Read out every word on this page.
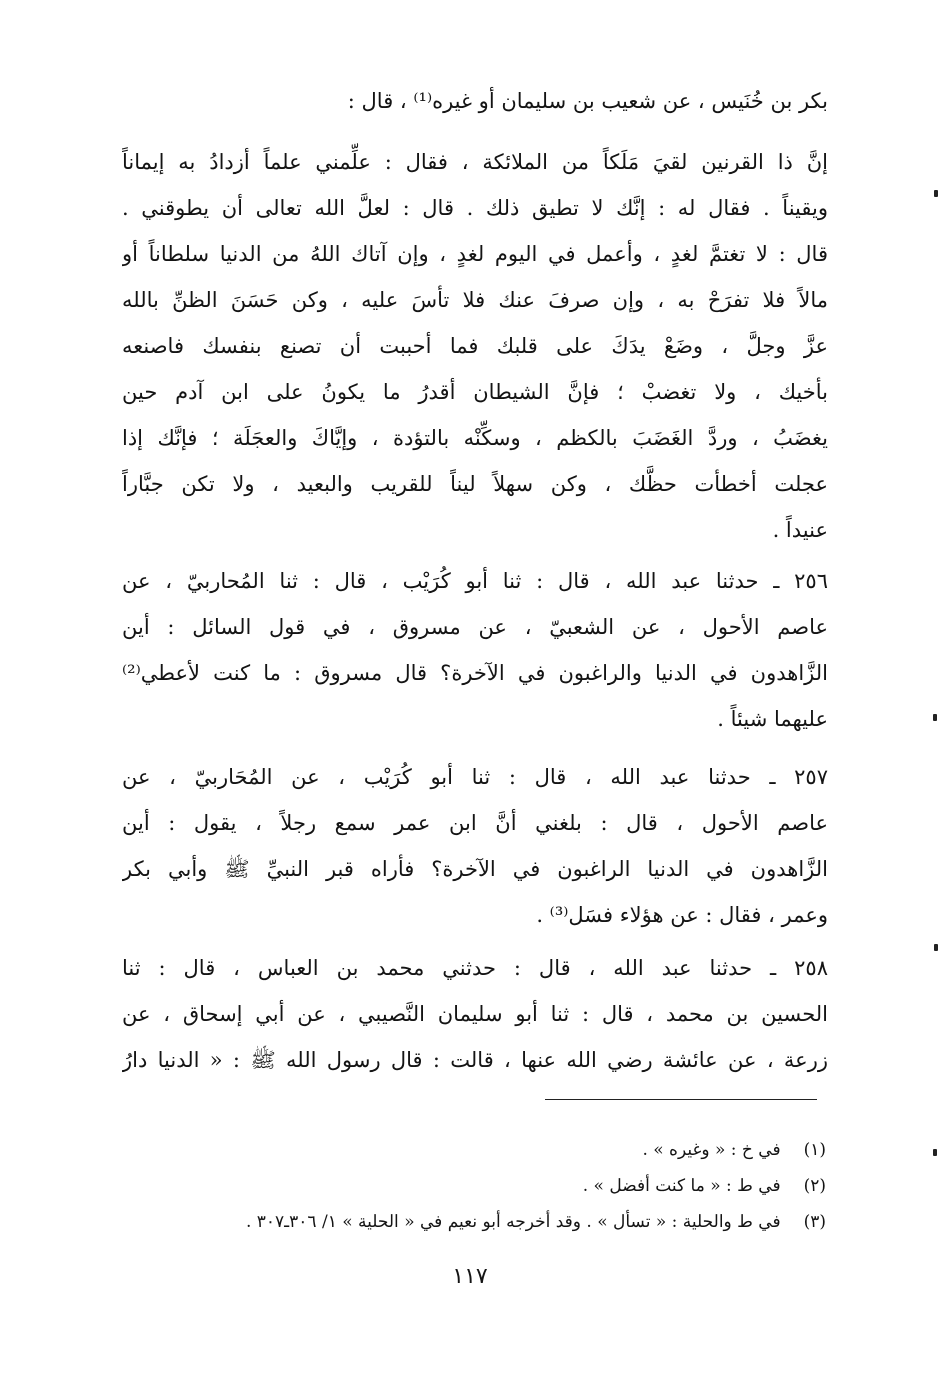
بكر بن خُنَيس ، عن شعيب بن سليمان أو غيره⁽¹⁾ ، قال :
إنَّ ذا القرنين لقيَ مَلَكاً من الملائكة ، فقال : علِّمني علماً أزدادُ به إيماناً
ويقيناً . فقال له : إنَّك لا تطيق ذلك . قال : لعلَّ الله تعالى أن يطوقني .
قال : لا تغتمَّ لغدٍ ، وأعمل في اليوم لغدٍ ، وإن آتاك اللهُ من الدنيا سلطاناً أو
مالاً فلا تفرَحْ به ، وإن صرفَ عنك فلا تأسَ عليه ، وكن حَسَنَ الظنِّ بالله
عزَّ وجلَّ ، وضَعْ يدَكَ على قلبك فما أحببت أن تصنع بنفسك فاصنعه
بأخيك ، ولا تغضبْ ؛ فإنَّ الشيطان أقدرُ ما يكونُ على ابن آدم حين
يغضَبُ ، وردَّ الغَضَبَ بالكظم ، وسكِّنْه بالتؤدة ، وإيَّاكَ والعجَلَة ؛ فإنَّك إذا
عجلت أخطأت حظَّك ، وكن سهلاً ليناً للقريب والبعيد ، ولا تكن جبَّاراً
عنيداً .
٢٥٦ ـ حدثنا عبد الله ، قال : ثنا أبو كُرَيْب ، قال : ثنا المُحاربيّ ، عن
عاصم الأحول ، عن الشعبيّ ، عن مسروق ، في قول السائل : أين
الزَّاهدون في الدنيا والراغبون في الآخرة؟ قال مسروق : ما كنت لأعطي⁽²⁾
عليهما شيئاً .
٢٥٧ ـ حدثنا عبد الله ، قال : ثنا أبو كُرَيْب ، عن المُحَاربيّ ، عن
عاصم الأحول ، قال : بلغني أنَّ ابن عمر سمع رجلاً ، يقول : أين
الزَّاهدون في الدنيا الراغبون في الآخرة؟ فأراه قبر النبيِّ ﷺ وأبي بكر
وعمر ، فقال : عن هؤلاء فسَل⁽³⁾ .
٢٥٨ ـ حدثنا عبد الله ، قال : حدثني محمد بن العباس ، قال : ثنا
الحسين بن محمد ، قال : ثنا أبو سليمان النَّصيبي ، عن أبي إسحاق ، عن
زرعة ، عن عائشة رضي الله عنها ، قالت : قال رسول الله ﷺ : « الدنيا دارُ
(١) في خ : « وغيره » .
(٢) في ط : « ما كنت أفضل » .
(٣) في ط والحلية : « تسأل » . وقد أخرجه أبو نعيم في « الحلية » ١/ ٣٠٦ـ٣٠٧ .
١١٧
